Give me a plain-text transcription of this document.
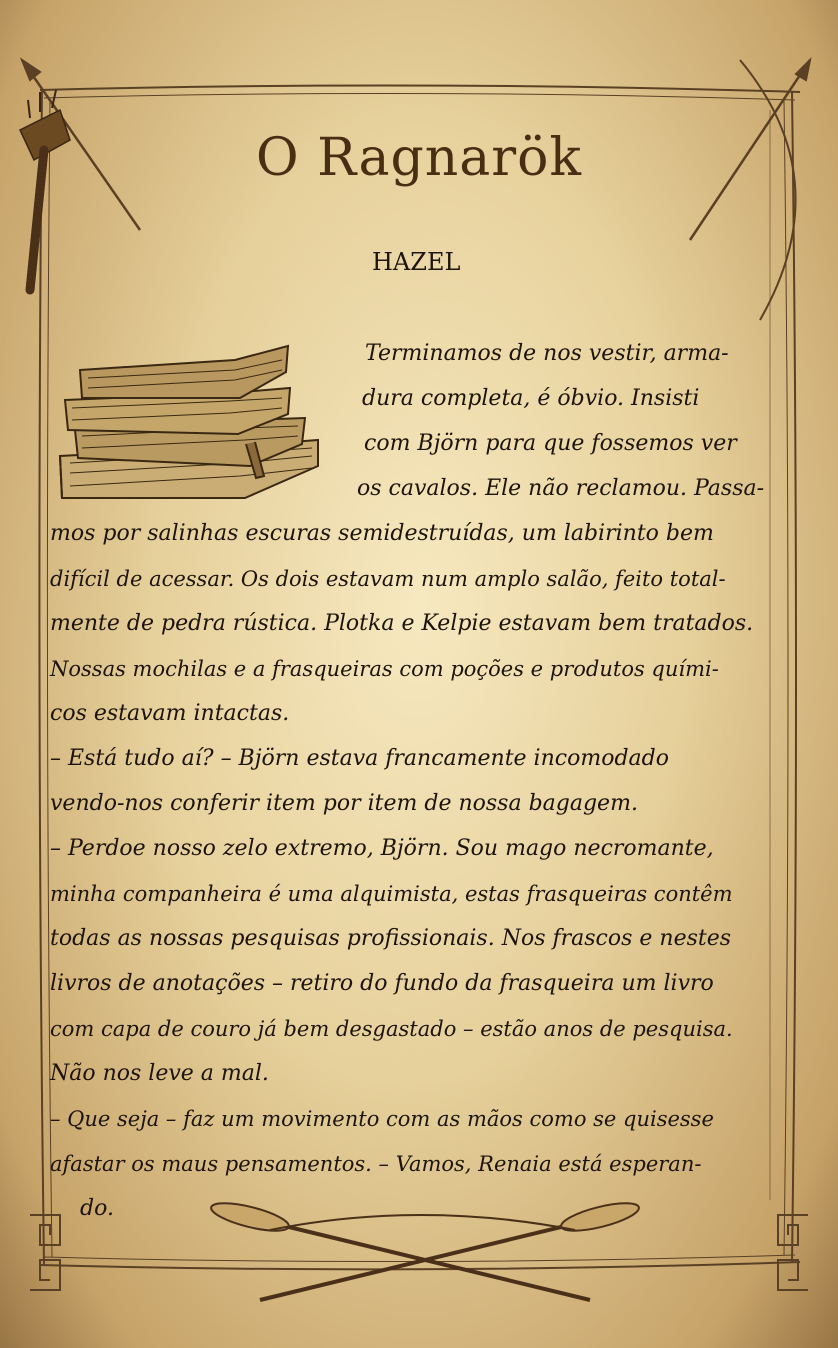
O Ragnarök
HAZEL
Terminamos de nos vestir, arma-
dura completa, é óbvio. Insisti
com Björn para que fossemos ver
os cavalos. Ele não reclamou. Passa-
mos por salinhas escuras semidestruídas, um labirinto bem
difícil de acessar. Os dois estavam num amplo salão, feito total-
mente de pedra rústica. Plotka e Kelpie estavam bem tratados.
Nossas mochilas e a frasqueiras com poções e produtos quími-
cos estavam intactas.
– Está tudo aí? – Björn estava francamente incomodado
vendo-nos conferir item por item de nossa bagagem.
– Perdoe nosso zelo extremo, Björn. Sou mago necromante,
minha companheira é uma alquimista, estas frasqueiras contêm
todas as nossas pesquisas profissionais. Nos frascos e nestes
livros de anotações – retiro do fundo da frasqueira um livro
com capa de couro já bem desgastado – estão anos de pesquisa.
Não nos leve a mal.
– Que seja – faz um movimento com as mãos como se quisesse
afastar os maus pensamentos. – Vamos, Renaia está esperan-
do.
